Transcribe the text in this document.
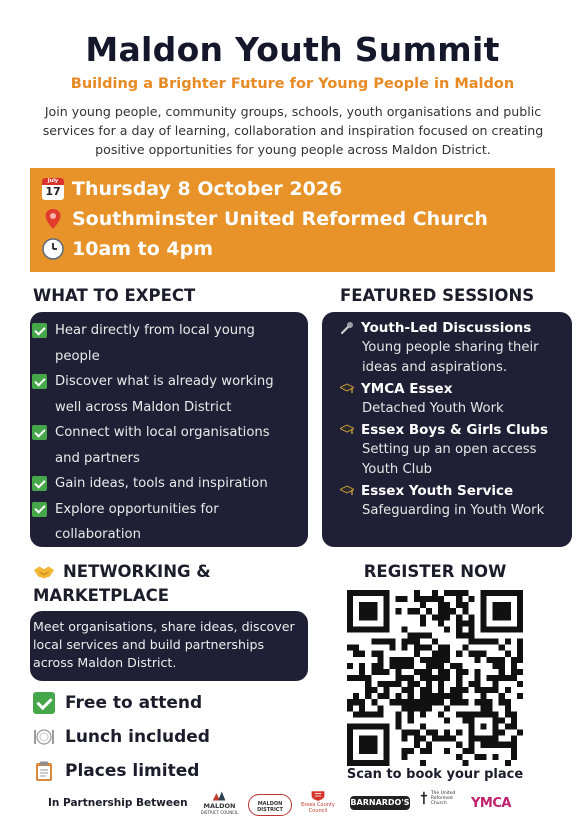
Maldon Youth Summit
Building a Brighter Future for Young People in Maldon
Join young people, community groups, schools, youth organisations and public services for a day of learning, collaboration and inspiration focused on creating positive opportunities for young people across Maldon District.
July
17 Thursday 8 October 2026
Southminster United Reformed Church
10am to 4pm
WHAT TO EXPECT	FEATURED SESSIONS
Hear directly from local young people
Discover what is already working well across Maldon District
Connect with local organisations and partners
Gain ideas, tools and inspiration
Explore opportunities for collaboration
Youth-Led Discussions
Young people sharing their ideas and aspirations.
YMCA Essex
Detached Youth Work
Essex Boys & Girls Clubs
Setting up an open access Youth Club
Essex Youth Service
Safeguarding in Youth Work
NETWORKING &
MARKETPLACE
Meet organisations, share ideas, discover local services and build partnerships across Maldon District.
Free to attend
Lunch included
Places limited
REGISTER NOW
Scan to book your place
In Partnership Between	MALDON
DISTRICT COUNCIL
MALDON DISTRICT
Essex County Council
BARNARDO'S
The United Reformed Church	YMCA
